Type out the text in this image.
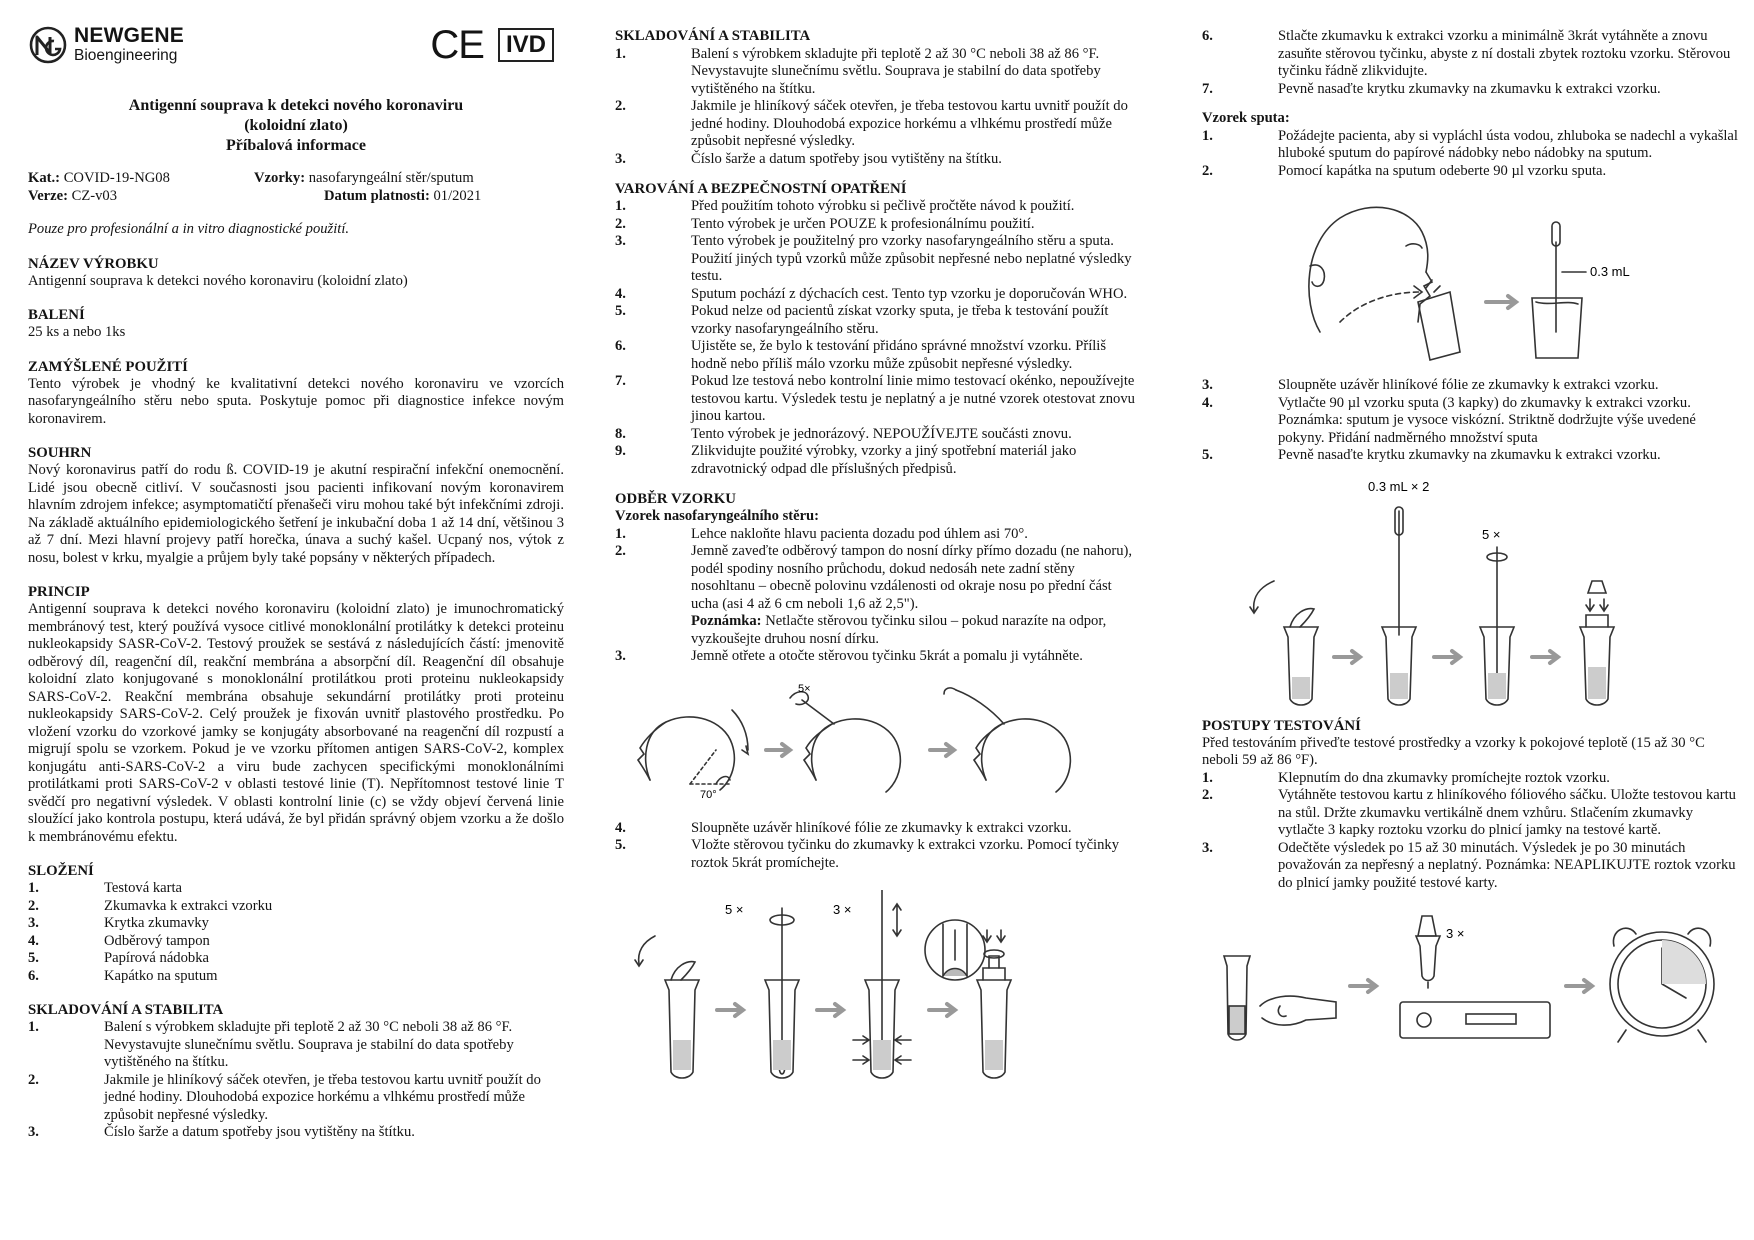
NEWGENE
Bioengineering	CE IVD
Antigenní souprava k detekci nového koronaviru
(koloidní zlato)
Příbalová informace
Kat.: COVID-19-NG08	Vzorky: nasofaryngeální stěr/sputum
Verze: CZ-v03	Datum platnosti: 01/2021

Pouze pro profesionální a in vitro diagnostické použití.

NÁZEV VÝROBKU

Antigenní souprava k detekci nového koronaviru (koloidní zlato)

BALENÍ

25 ks a nebo 1ks

ZAMÝŠLENÉ POUŽITÍ

Tento výrobek je vhodný ke kvalitativní detekci nového koronaviru ve vzorcích nasofaryngeálního stěru nebo sputa. Poskytuje pomoc při diagnostice infekce novým koronavirem.

SOUHRN

Nový koronavirus patří do rodu ß. COVID-19 je akutní respirační infekční onemocnění. Lidé jsou obecně citliví. V současnosti jsou pacienti infikovaní novým koronavirem hlavním zdrojem infekce; asymptomatičtí přenašeči viru mohou také být infekčními zdroji. Na základě aktuálního epidemiologického šetření je inkubační doba 1 až 14 dní, většinou 3 až 7 dní. Mezi hlavní projevy patří horečka, únava a suchý kašel. Ucpaný nos, výtok z nosu, bolest v krku, myalgie a průjem byly také popsány v některých případech.

PRINCIP

Antigenní souprava k detekci nového koronaviru (koloidní zlato) je imunochromatický membránový test, který používá vysoce citlivé monoklonální protilátky k detekci proteinu nukleokapsidy SASR-CoV-2. Testový proužek se sestává z následujících částí: jmenovitě odběrový díl, reagenční díl, reakční membrána a absorpční díl. Reagenční díl obsahuje koloidní zlato konjugované s monoklonální protilátkou proti proteinu nukleokapsidy SARS-CoV-2. Reakční membrána obsahuje sekundární protilátky proti proteinu nukleokapsidy SARS-CoV-2. Celý proužek je fixován uvnitř plastového prostředku. Po vložení vzorku do vzorkové jamky se konjugáty absorbované na reagenční díl rozpustí a migrují spolu se vzorkem. Pokud je ve vzorku přítomen antigen SARS-CoV-2, komplex konjugátu anti-SARS-CoV-2 a viru bude zachycen specifickými monoklonálními protilátkami proti SARS-CoV-2 v oblasti testové linie (T). Nepřítomnost testové linie T svědčí pro negativní výsledek. V oblasti kontrolní linie (c) se vždy objeví červená linie sloužící jako kontrola postupu, která udává, že byl přidán správný objem vzorku a že došlo k membránovému efektu.

SLOŽENÍ
1.	Testová karta
2.	Zkumavka k extrakci vzorku
3.	Krytka zkumavky
4.	Odběrový tampon
5.	Papírová nádobka
6.	Kapátko na sputum
SKLADOVÁNÍ A STABILITA
1.	Balení s výrobkem skladujte při teplotě 2 až 30 °C neboli 38 až 86 °F. Nevystavujte slunečnímu světlu. Souprava je stabilní do data spotřeby vytištěného na štítku.
2.	Jakmile je hliníkový sáček otevřen, je třeba testovou kartu uvnitř použít do jedné hodiny. Dlouhodobá expozice horkému a vlhkému prostředí může způsobit nepřesné výsledky.
3.	Číslo šarže a datum spotřeby jsou vytištěny na štítku.
SKLADOVÁNÍ A STABILITA
1.	Balení s výrobkem skladujte při teplotě 2 až 30 °C neboli 38 až 86 °F. Nevystavujte slunečnímu světlu. Souprava je stabilní do data spotřeby vytištěného na štítku.
2.	Jakmile je hliníkový sáček otevřen, je třeba testovou kartu uvnitř použít do jedné hodiny. Dlouhodobá expozice horkému a vlhkému prostředí může způsobit nepřesné výsledky.
3.	Číslo šarže a datum spotřeby jsou vytištěny na štítku.
VAROVÁNÍ A BEZPEČNOSTNÍ OPATŘENÍ
1.	Před použitím tohoto výrobku si pečlivě pročtěte návod k použití.
2.	Tento výrobek je určen POUZE k profesionálnímu použití.
3.	Tento výrobek je použitelný pro vzorky nasofaryngeálního stěru a sputa. Použití jiných typů vzorků může způsobit nepřesné nebo neplatné výsledky testu.
4.	Sputum pochází z dýchacích cest. Tento typ vzorku je doporučován WHO.
5.	Pokud nelze od pacientů získat vzorky sputa, je třeba k testování použít vzorky nasofaryngeálního stěru.
6.	Ujistěte se, že bylo k testování přidáno správné množství vzorku. Příliš hodně nebo příliš málo vzorku může způsobit nepřesné výsledky.
7.	Pokud lze testová nebo kontrolní linie mimo testovací okénko, nepoužívejte testovou kartu. Výsledek testu je neplatný a je nutné vzorek otestovat znovu jinou kartou.
8.	Tento výrobek je jednorázový. NEPOUŽÍVEJTE součásti znovu.
9.	Zlikvidujte použité výrobky, vzorky a jiný spotřební materiál jako zdravotnický odpad dle příslušných předpisů.
ODBĚR VZORKU
Vzorek nasofaryngeálního stěru:
1.	Lehce nakloňte hlavu pacienta dozadu pod úhlem asi 70°.
2.	Jemně zaveďte odběrový tampon do nosní dírky přímo dozadu (ne nahoru), podél spodiny nosního průchodu, dokud nedosáh nete zadní stěny nosohltanu – obecně polovinu vzdálenosti od okraje nosu po přední část ucha (asi 4 až 6 cm neboli 1,6 až 2,5").
Poznámka: Netlačte stěrovou tyčinku silou – pokud narazíte na odpor, vyzkoušejte druhou nosní dírku.
3.	Jemně otřete a otočte stěrovou tyčinku 5krát a pomalu ji vytáhněte.
70°
5×
4.	Sloupněte uzávěr hliníkové fólie ze zkumavky k extrakci vzorku.
5.	Vložte stěrovou tyčinku do zkumavky k extrakci vzorku. Pomocí tyčinky roztok 5krát promíchejte.
5 ×	3 ×
6.	Stlačte zkumavku k extrakci vzorku a minimálně 3krát vytáhněte a znovu zasuňte stěrovou tyčinku, abyste z ní dostali zbytek roztoku vzorku. Stěrovou tyčinku řádně zlikvidujte.
7.	Pevně nasaďte krytku zkumavky na zkumavku k extrakci vzorku.
Vzorek sputa:
1.	Požádejte pacienta, aby si vypláchl ústa vodou, zhluboka se nadechl a vykašlal hluboké sputum do papírové nádobky nebo nádobky na sputum.
2.	Pomocí kapátka na sputum odeberte 90 µl vzorku sputa.
0.3 mL
3.	Sloupněte uzávěr hliníkové fólie ze zkumavky k extrakci vzorku.
4.	Vytlačte 90 µl vzorku sputa (3 kapky) do zkumavky k extrakci vzorku. Poznámka: sputum je vysoce viskózní. Striktně dodržujte výše uvedené pokyny. Přidání nadměrného množství sputa
5.	Pevně nasaďte krytku zkumavky na zkumavku k extrakci vzorku.
0.3 mL × 2
5 ×
POSTUPY TESTOVÁNÍ

Před testováním přiveďte testové prostředky a vzorky k pokojové teplotě (15 až 30 °C neboli 59 až 86 °F).

1.	Klepnutím do dna zkumavky promíchejte roztok vzorku.
2.	Vytáhněte testovou kartu z hliníkového fóliového sáčku. Uložte testovou kartu na stůl. Držte zkumavku vertikálně dnem vzhůru. Stlačením zkumavky vytlačte 3 kapky roztoku vzorku do plnicí jamky na testové kartě.
3.	Odečtěte výsledek po 15 až 30 minutách. Výsledek je po 30 minutách považován za nepřesný a neplatný. Poznámka: NEAPLIKUJTE roztok vzorku do plnicí jamky použité testové karty.
3 ×
